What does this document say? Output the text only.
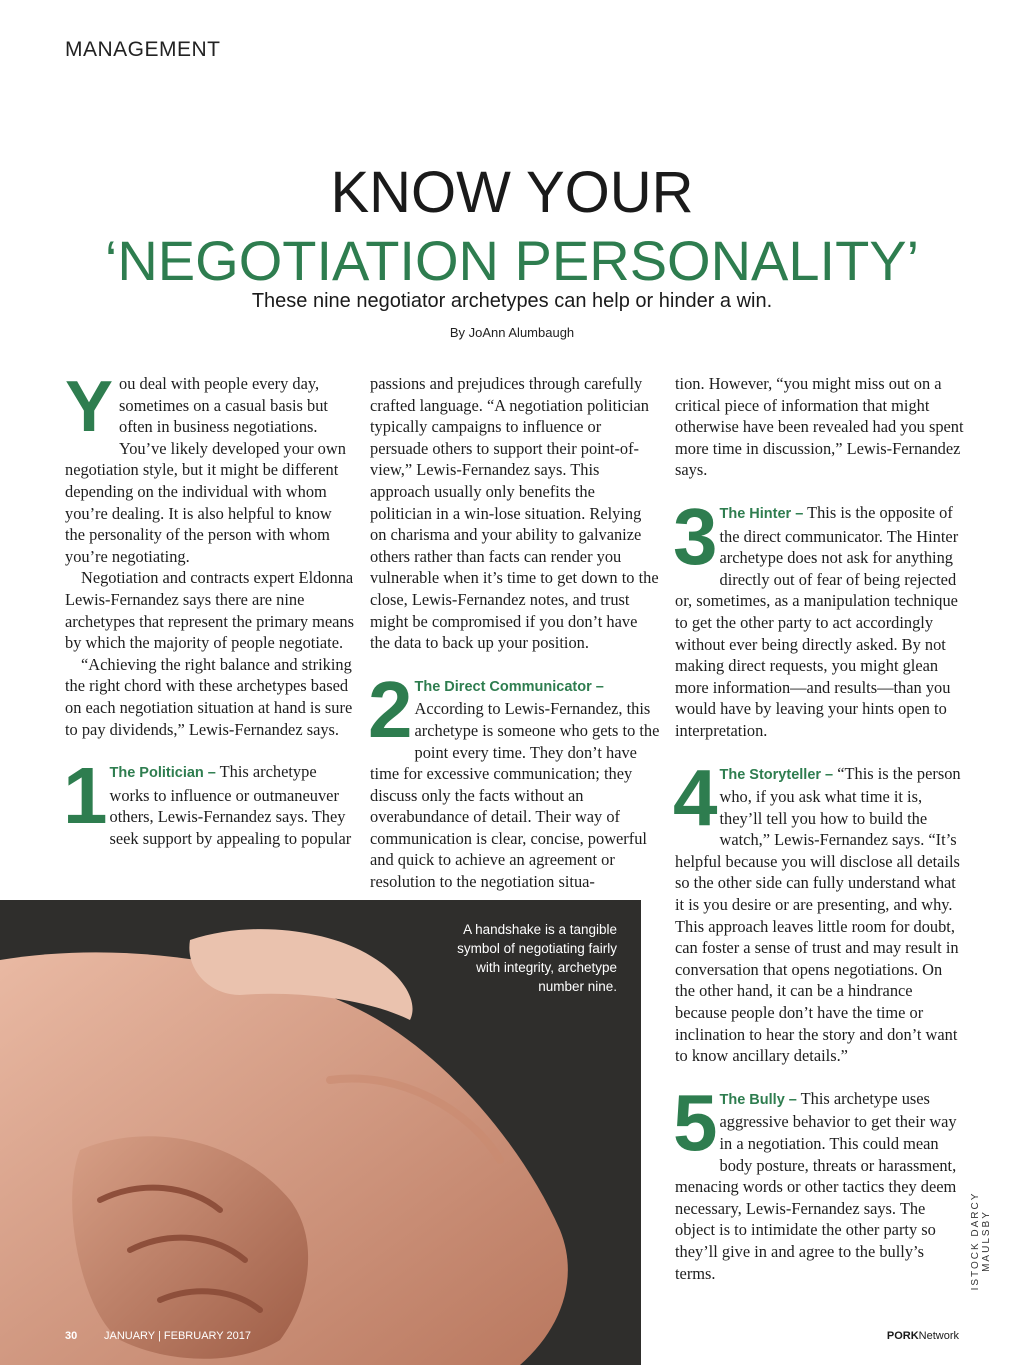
MANAGEMENT
KNOW YOUR
‘NEGOTIATION PERSONALITY’
These nine negotiator archetypes can help or hinder a win.
By JoAnn Alumbaugh

You deal with people every day, sometimes on a casual basis but often in business negotiations. You’ve likely developed your own negotiation style, but it might be different depending on the individual with whom you’re dealing. It is also helpful to know the personality of the person with whom you’re negotiating.

Negotiation and contracts expert Eldonna Lewis-Fernandez says there are nine archetypes that represent the primary means by which the majority of people negotiate.

“Achieving the right balance and striking the right chord with these archetypes based on each negotiation situation at hand is sure to pay dividends,” Lewis-Fernandez says.

1 The Politician – This archetype works to influence or outmaneuver others, Lewis-Fernandez says. They seek support by appealing to popular

passions and prejudices through carefully crafted language. “A negotiation politician typically campaigns to influence or persuade others to support their point-of-view,” Lewis-Fernandez says. This approach usually only benefits the politician in a win-lose situation. Relying on charisma and your ability to galvanize others rather than facts can render you vulnerable when it’s time to get down to the close, Lewis-Fernandez notes, and trust might be compromised if you don’t have the data to back up your position.

2 The Direct Communicator – According to Lewis-Fernandez, this archetype is someone who gets to the point every time. They don’t have time for excessive communication; they discuss only the facts without an overabundance of detail. Their way of communication is clear, concise, powerful and quick to achieve an agreement or resolution to the negotiation situa-

tion. However, “you might miss out on a critical piece of information that might otherwise have been revealed had you spent more time in discussion,” Lewis-Fernandez says.

3 The Hinter – This is the opposite of the direct communicator. The Hinter archetype does not ask for anything directly out of fear of being rejected or, sometimes, as a manipulation technique to get the other party to act accordingly without ever being directly asked. By not making direct requests, you might glean more information—and results—than you would have by leaving your hints open to interpretation.

4 The Storyteller – “This is the person who, if you ask what time it is, they’ll tell you how to build the watch,” Lewis-Fernandez says. “It’s helpful because you will disclose all details so the other side can fully understand what it is you desire or are presenting, and why. This approach leaves little room for doubt, can foster a sense of trust and may result in conversation that opens negotiations. On the other hand, it can be a hindrance because people don’t have the time or inclination to hear the story and don’t want to know ancillary details.”

5 The Bully – This archetype uses aggressive behavior to get their way in a negotiation. This could mean body posture, threats or harassment, menacing words or other tactics they deem necessary, Lewis-Fernandez says. The object is to intimidate the other party so they’ll give in and agree to the bully’s terms.

A handshake is a tangible symbol of negotiating fairly with integrity, archetype number nine.
ISTOCK DARCY MAULSBY
30 JANUARY | FEBRUARY 2017	PORKNetwork
